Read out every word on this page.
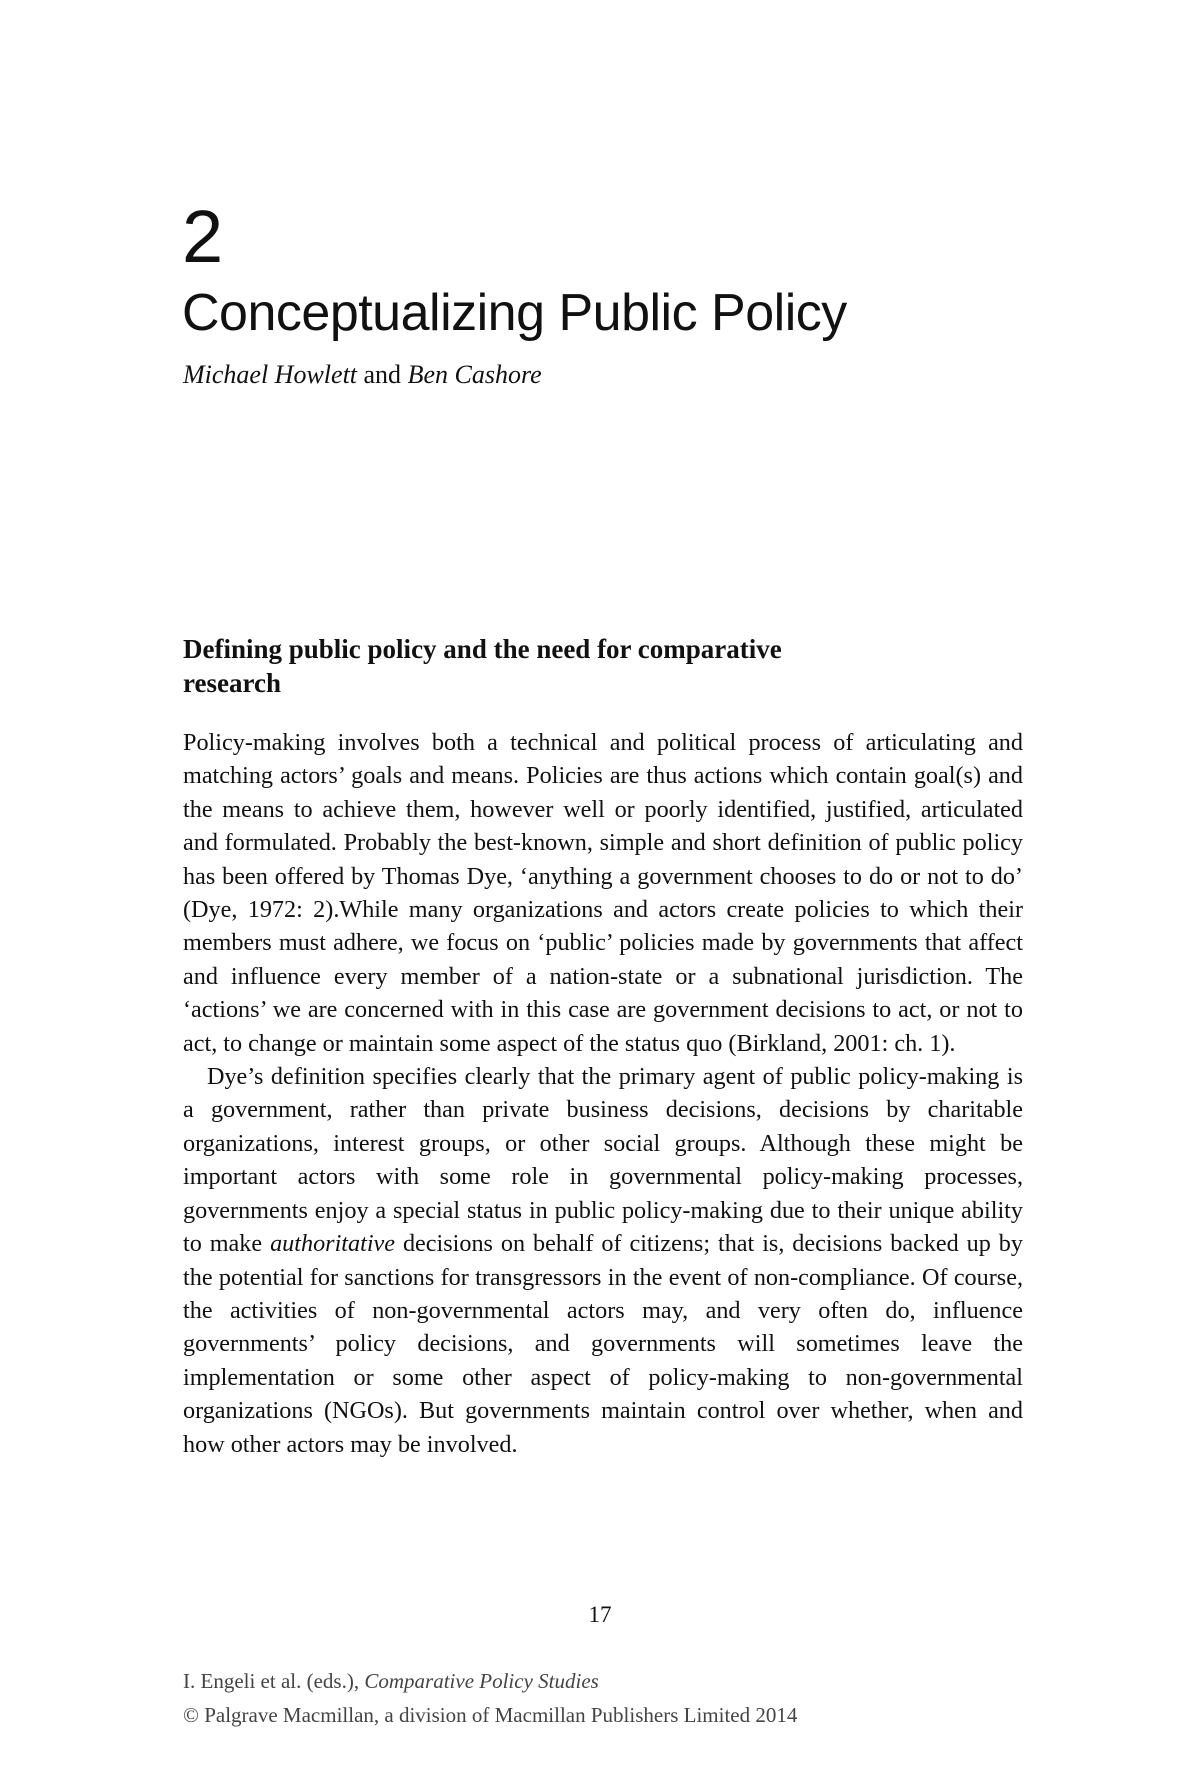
2
Conceptualizing Public Policy
Michael Howlett and Ben Cashore
Defining public policy and the need for comparative research

Policy-making involves both a technical and political process of articulating and matching actors’ goals and means. Policies are thus actions which contain goal(s) and the means to achieve them, however well or poorly identified, justified, articulated and formulated. Probably the best-known, simple and short definition of public policy has been offered by Thomas Dye, ‘anything a government chooses to do or not to do’ (Dye, 1972: 2).While many organizations and actors create policies to which their members must adhere, we focus on ‘public’ policies made by governments that affect and influence every member of a nation-state or a subnational jurisdiction. The ‘actions’ we are concerned with in this case are government decisions to act, or not to act, to change or maintain some aspect of the status quo (Birkland, 2001: ch. 1).

Dye’s definition specifies clearly that the primary agent of public policy-making is a government, rather than private business decisions, decisions by charitable organizations, interest groups, or other social groups. Although these might be important actors with some role in governmental policy-making processes, governments enjoy a special status in public policy-making due to their unique ability to make authoritative decisions on behalf of citizens; that is, decisions backed up by the potential for sanctions for transgressors in the event of non-compliance. Of course, the activities of non-governmental actors may, and very often do, influence governments’ policy decisions, and governments will sometimes leave the implementation or some other aspect of policy-making to non-governmental organizations (NGOs). But governments maintain control over whether, when and how other actors may be involved.

17
I. Engeli et al. (eds.), Comparative Policy Studies
© Palgrave Macmillan, a division of Macmillan Publishers Limited 2014
